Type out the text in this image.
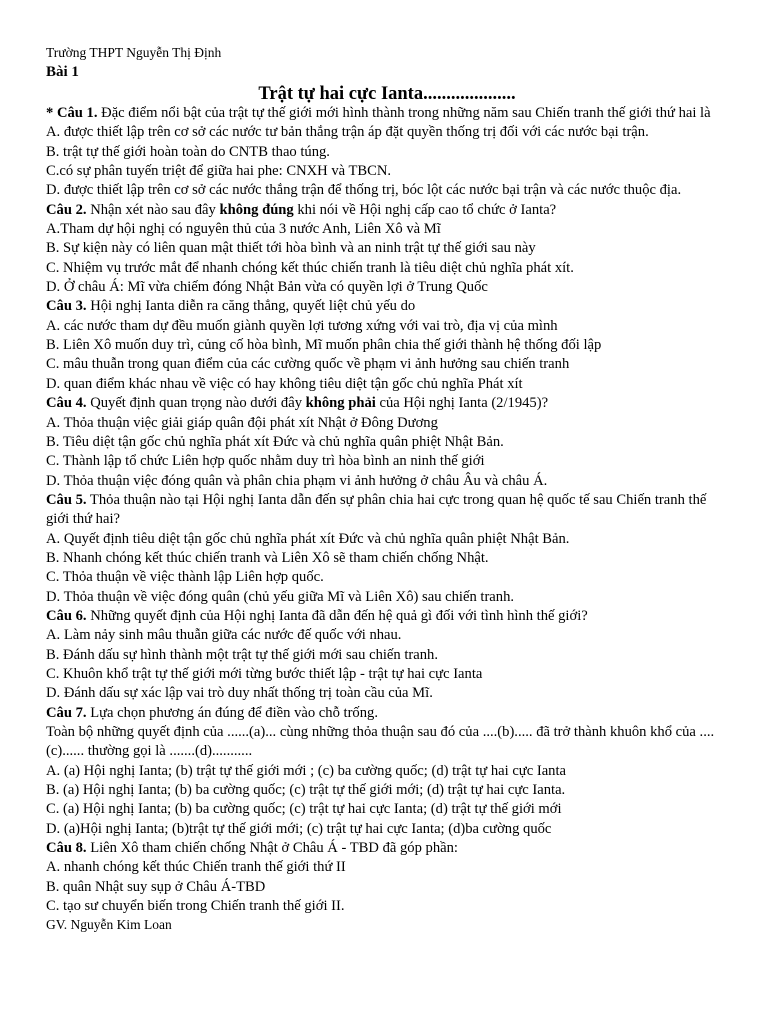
Trường THPT Nguyễn Thị Định
Bài 1
Trật tự hai cực Ianta....................

* Câu 1. Đặc điểm nổi bật của trật tự thế giới mới hình thành trong những năm sau Chiến tranh thế giới thứ hai là

A. được thiết lập trên cơ sở các nước tư bản thắng trận áp đặt quyền thống trị đối với các nước bại trận.

B. trật tự thế giới hoàn toàn do CNTB thao túng.

C.có sự phân tuyến triệt để giữa hai phe: CNXH và TBCN.

D. được thiết lập trên cơ sở các nước thắng trận để thống trị, bóc lột các nước bại trận và các nước thuộc địa.

Câu 2. Nhận xét nào sau đây không đúng khi nói về Hội nghị cấp cao tổ chức ở Ianta?

A.Tham dự hội nghị có nguyên thủ của 3 nước Anh, Liên Xô và Mĩ

B. Sự kiện này có liên quan mật thiết tới hòa bình và an ninh trật tự thế giới sau này

C. Nhiệm vụ trước mắt để nhanh chóng kết thúc chiến tranh là tiêu diệt chủ nghĩa phát xít.

D. Ở châu Á: Mĩ vừa chiếm đóng Nhật Bản vừa có quyền lợi ở Trung Quốc

Câu 3. Hội nghị Ianta diễn ra căng thẳng, quyết liệt chủ yếu do

A. các nước tham dự đều muốn giành quyền lợi tương xứng với vai trò, địa vị của mình

B. Liên Xô muốn duy trì, củng cố hòa bình, Mĩ muốn phân chia thế giới thành hệ thống đối lập

C. mâu thuẫn trong quan điểm của các cường quốc về phạm vi ảnh hưởng sau chiến tranh

D. quan điểm khác nhau về việc có hay không tiêu diệt tận gốc chủ nghĩa Phát xít

Câu 4. Quyết định quan trọng nào dưới đây không phải của Hội nghị Ianta (2/1945)?

A. Thỏa thuận việc giải giáp quân đội phát xít Nhật ở Đông Dương

B. Tiêu diệt tận gốc chủ nghĩa phát xít Đức và chủ nghĩa quân phiệt Nhật Bản.

C. Thành lập tổ chức Liên hợp quốc nhằm duy trì hòa bình an ninh thế giới

D. Thỏa thuận việc đóng quân và phân chia phạm vi ảnh hưởng ở châu Âu và châu Á.

Câu 5. Thỏa thuận nào tại Hội nghị Ianta dẫn đến sự phân chia hai cực trong quan hệ quốc tế sau Chiến tranh thế giới thứ hai?

A. Quyết định tiêu diệt tận gốc chủ nghĩa phát xít Đức và chủ nghĩa quân phiệt Nhật Bản.

B. Nhanh chóng kết thúc chiến tranh và Liên Xô sẽ tham chiến chống Nhật.

C. Thỏa thuận về việc thành lập Liên hợp quốc.

D. Thỏa thuận về việc đóng quân (chủ yếu giữa Mĩ và Liên Xô) sau chiến tranh.

Câu 6. Những quyết định của Hội nghị Ianta đã dẫn đến hệ quả gì đối với tình hình thế giới?

A. Làm nảy sinh mâu thuẫn giữa các nước đế quốc với nhau.

B. Đánh dấu sự hình thành một trật tự thế giới mới sau chiến tranh.

C. Khuôn khổ trật tự thế giới mới từng bước thiết lập - trật tự hai cực Ianta

D. Đánh dấu sự xác lập vai trò duy nhất thống trị toàn cầu của Mĩ.

Câu 7. Lựa chọn phương án đúng để điền vào chỗ trống.

Toàn bộ những quyết định của ......(a)... cùng những thỏa thuận sau đó của ....(b)..... đã trở thành khuôn khổ của ....(c)...... thường gọi là .......(d)...........

A. (a) Hội nghị Ianta; (b) trật tự thế giới mới ; (c) ba cường quốc; (d) trật tự hai cực Ianta

B. (a) Hội nghị Ianta; (b) ba cường quốc; (c) trật tự thế giới mới; (d) trật tự hai cực Ianta.

C. (a) Hội nghị Ianta; (b) ba cường quốc; (c) trật tự hai cực Ianta; (d) trật tự thế giới mới

D. (a)Hội nghị Ianta; (b)trật tự thế giới mới; (c) trật tự hai cực Ianta; (d)ba cường quốc

Câu 8. Liên Xô tham chiến chống Nhật ở Châu Á - TBD đã góp phần:

A. nhanh chóng kết thúc Chiến tranh thế giới thứ II

B. quân Nhật suy sụp ở Châu Á-TBD

C. tạo sư chuyển biến trong Chiến tranh thế giới II.

GV. Nguyễn Kim Loan
